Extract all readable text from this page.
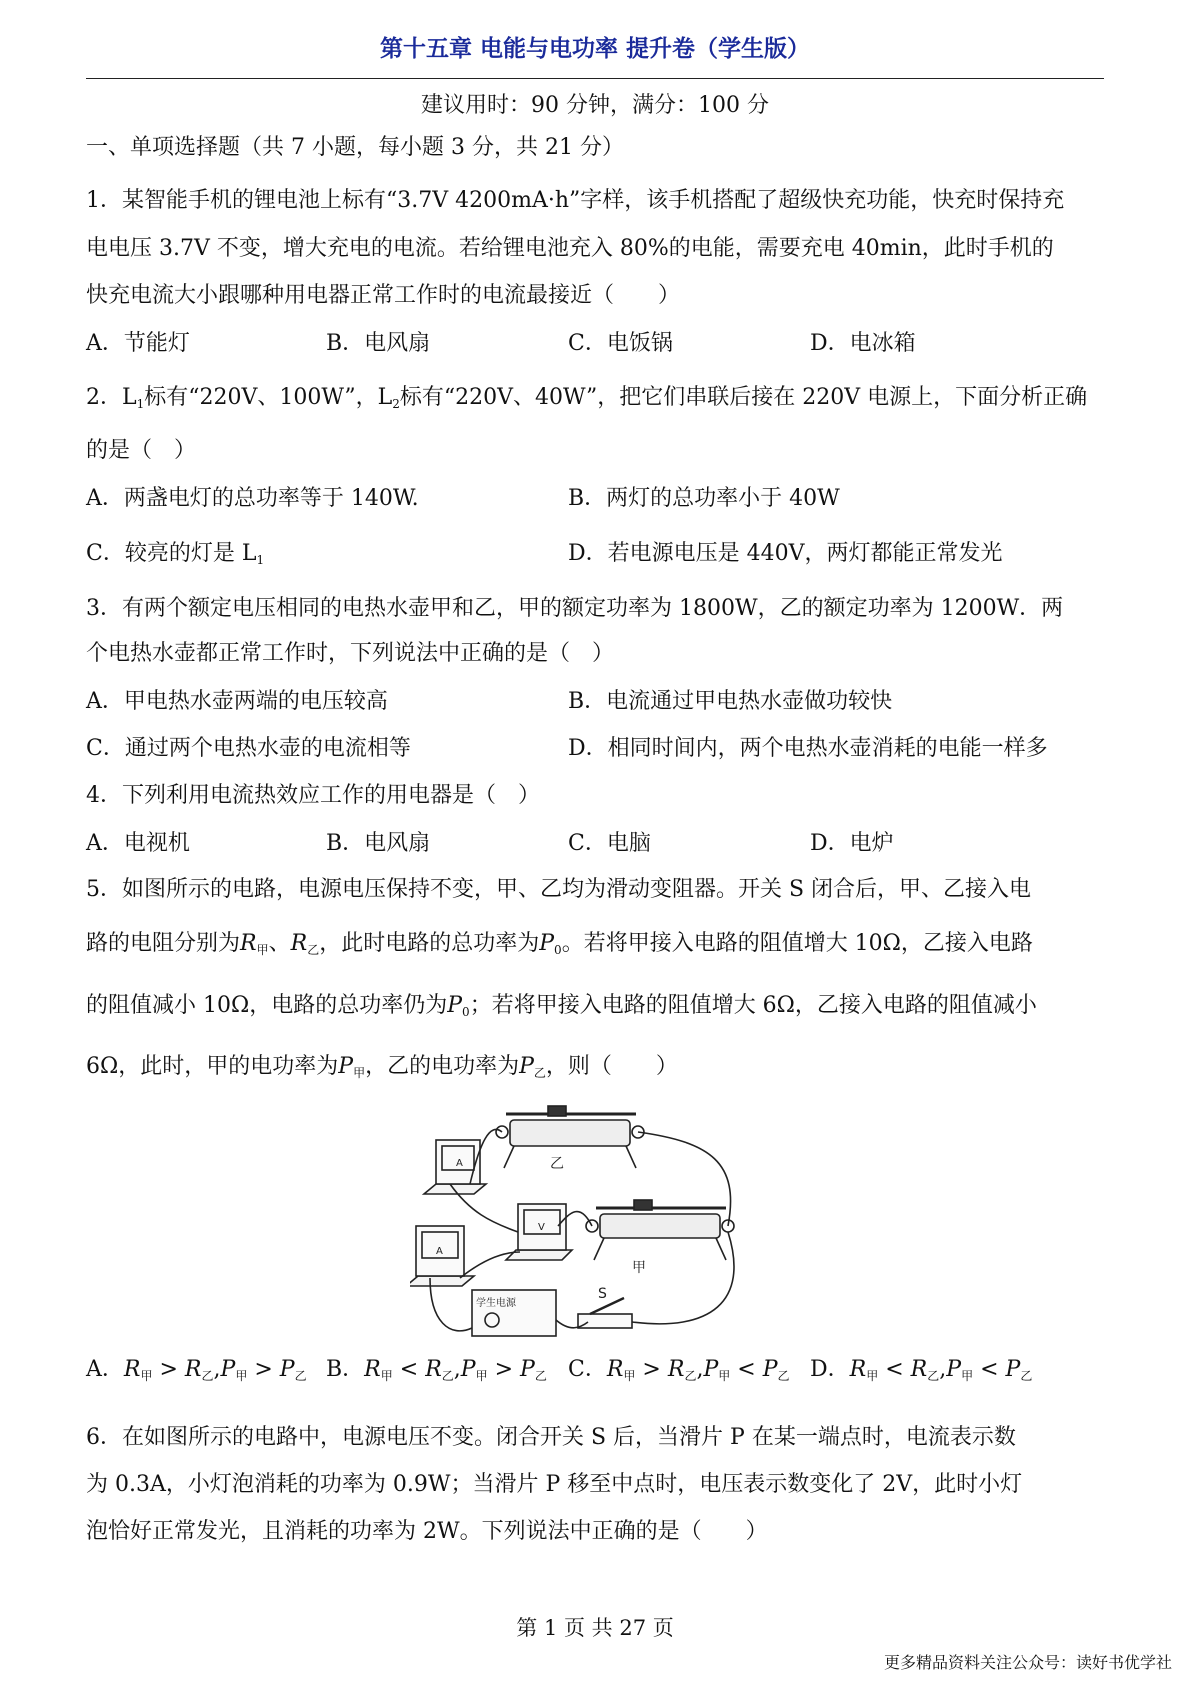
第十五章 电能与电功率 提升卷（学生版）
建议用时：90 分钟，满分：100 分
一、单项选择题（共 7 小题，每小题 3 分，共 21 分）
1．某智能手机的锂电池上标有“3.7V 4200mA·h”字样，该手机搭配了超级快充功能，快充时保持充
电电压 3.7V 不变，增大充电的电流。若给锂电池充入 80%的电能，需要充电 40min，此时手机的
快充电流大小跟哪种用电器正常工作时的电流最接近（　　）
A．节能灯	B．电风扇	C．电饭锅	D．电冰箱
2．$L_1$标有“220V、100W”，$L_2$标有“220V、40W”，把它们串联后接在 220V 电源上，下面分析正确
的是（　）
A．两盏电灯的总功率等于 140W.	B．两灯的总功率小于 40W
C．较亮的灯是 $L_1$	D．若电源电压是 440V，两灯都能正常发光
3．有两个额定电压相同的电热水壶甲和乙，甲的额定功率为 1800W，乙的额定功率为 1200W．两
个电热水壶都正常工作时，下列说法中正确的是（　）
A．甲电热水壶两端的电压较高	B．电流通过甲电热水壶做功较快
C．通过两个电热水壶的电流相等	D．相同时间内，两个电热水壶消耗的电能一样多
4．下列利用电流热效应工作的用电器是（　）
A．电视机	B．电风扇	C．电脑	D．电炉
5．如图所示的电路，电源电压保持不变，甲、乙均为滑动变阻器。开关 S 闭合后，甲、乙接入电
路的电阻分别为$R_甲$、$R_乙$，此时电路的总功率为$P_0$。若将甲接入电路的阻值增大 10Ω，乙接入电路
的阻值减小 10Ω，电路的总功率仍为$P_0$；若将甲接入电路的阻值增大 6Ω，乙接入电路的阻值减小
6Ω，此时，甲的电功率为$P_甲$，乙的电功率为$P_乙$，则（　　）
乙
甲
S
学生电源
V
A
A
A．$R_甲 > R_乙,P_甲 > P_乙$ B．$R_甲 < R_乙,P_甲 > P_乙$ C．$R_甲 > R_乙,P_甲 < P_乙$ D．$R_甲 < R_乙,P_甲 < P_乙$
6．在如图所示的电路中，电源电压不变。闭合开关 S 后，当滑片 P 在某一端点时，电流表示数
为 0.3A，小灯泡消耗的功率为 0.9W；当滑片 P 移至中点时，电压表示数变化了 2V，此时小灯
泡恰好正常发光，且消耗的功率为 2W。下列说法中正确的是（　　）
第 1 页 共 27 页
更多精品资料关注公众号：读好书优学社
